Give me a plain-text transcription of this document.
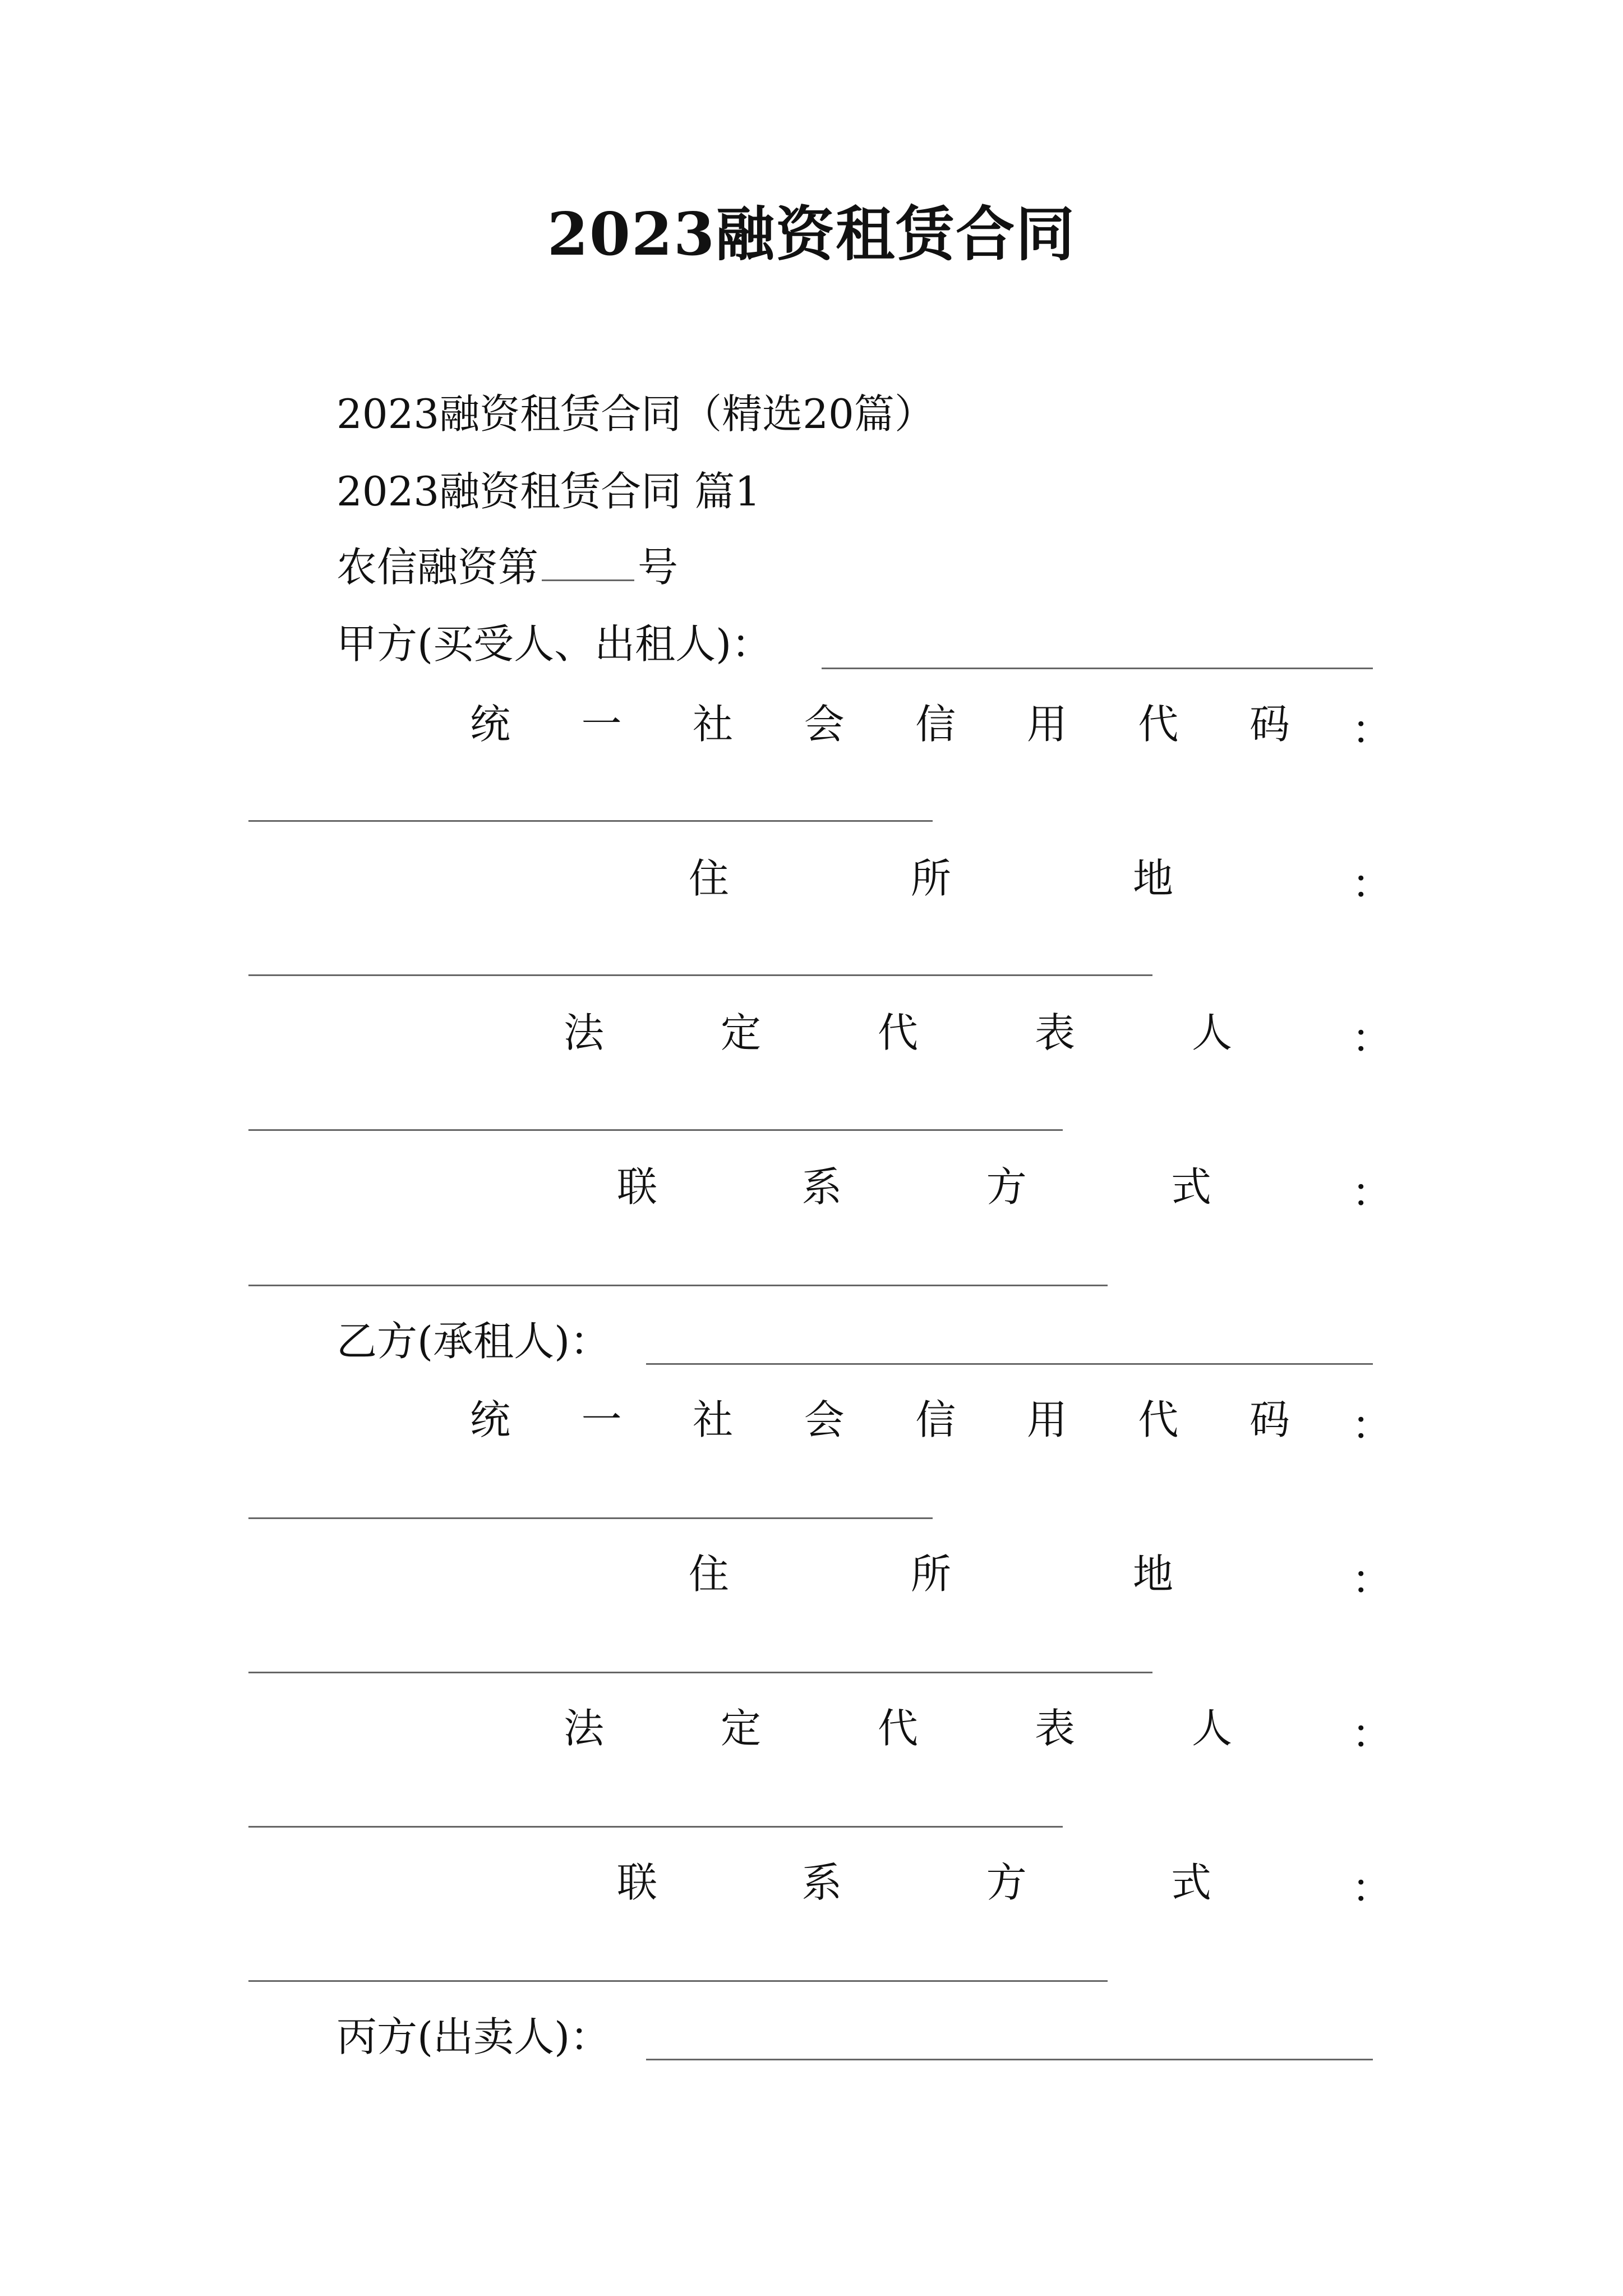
2023融资租赁合同
2023融资租赁合同（精选20篇）
2023融资租赁合同 篇1
农信融资第 号
甲方(买受人、出租人)：
统 一 社 会 信 用 代 码 ：
住	所	地	：
法	定	代	表	人	：
联	系	方	式	：
乙方(承租人)：
统 一 社 会 信 用 代 码 ：
住	所	地	：
法	定	代	表	人	：
联	系	方	式	：
丙方(出卖人)：
